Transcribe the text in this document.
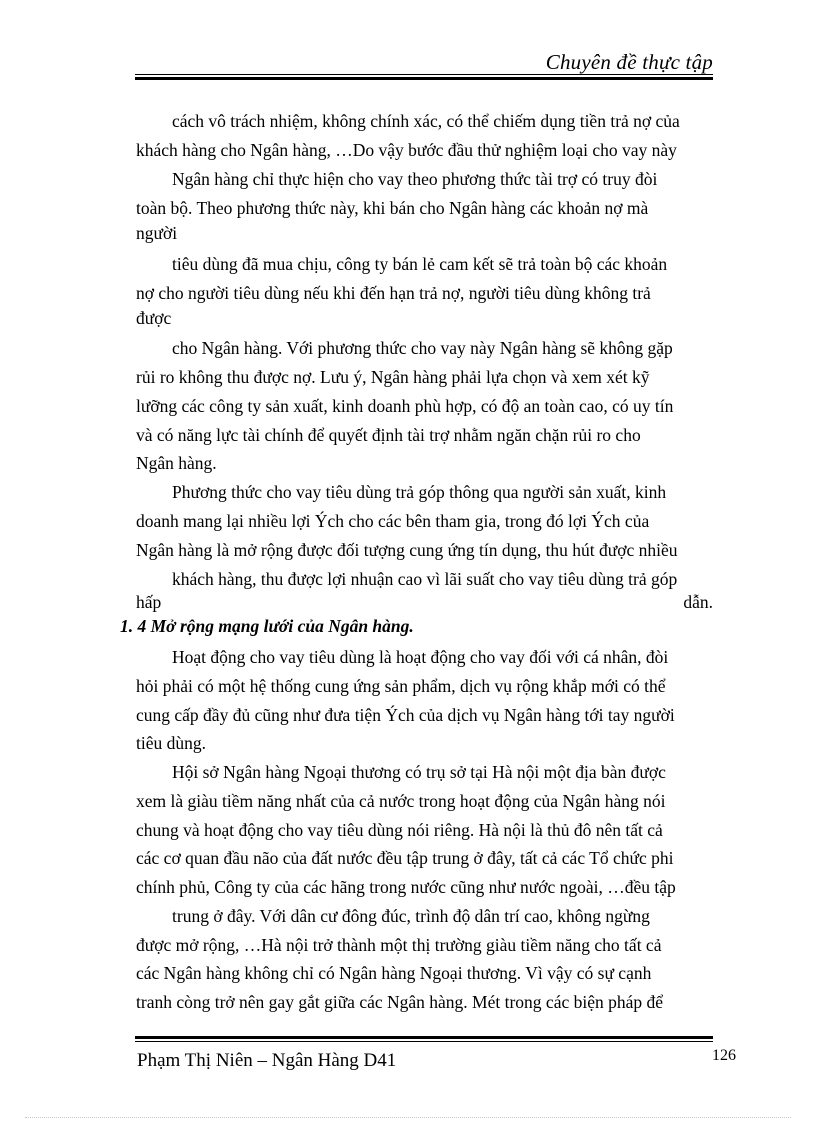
Chuyên đề thực tập
cách vô trách nhiệm, không chính xác, có thể chiếm dụng tiền trả nợ của
khách hàng cho Ngân hàng, …Do vậy bước đầu thử nghiệm loại cho vay này
Ngân hàng chỉ thực hiện cho vay theo phương thức tài trợ có truy đòi
toàn bộ. Theo phương thức này, khi bán cho Ngân hàng các khoản nợ mà
người
tiêu dùng đã mua chịu, công ty bán lẻ cam kết sẽ trả toàn bộ các khoản
nợ cho người tiêu dùng nếu khi đến hạn trả nợ, người tiêu dùng không trả
được
cho Ngân hàng. Với phương thức cho vay này Ngân hàng sẽ không gặp
rủi ro không thu được nợ. Lưu ý, Ngân hàng phải lựa chọn và xem xét kỹ
lưỡng các công ty sản xuất, kinh doanh phù hợp, có độ an toàn cao, có uy tín
và có năng lực tài chính để quyết định tài trợ nhằm ngăn chặn rủi ro cho
Ngân hàng.
Phương thức cho vay tiêu dùng trả góp thông qua người sản xuất, kinh
doanh mang lại nhiều lợi Ých cho các bên tham gia, trong đó lợi Ých của
Ngân hàng là mở rộng được đối tượng cung ứng tín dụng, thu hút được nhiều
khách hàng, thu được lợi nhuận cao vì lãi suất cho vay tiêu dùng trả góp
hấp dẫn.
1. 4 Mở rộng mạng lưới của Ngân hàng.
Hoạt động cho vay tiêu dùng là hoạt động cho vay đối với cá nhân, đòi
hỏi phải có một hệ thống cung ứng sản phẩm, dịch vụ rộng khắp mới có thể
cung cấp đầy đủ cũng như đưa tiện Ých của dịch vụ Ngân hàng tới tay người
tiêu dùng.
Hội sở Ngân hàng Ngoại thương có trụ sở tại Hà nội một địa bàn được
xem là giàu tiềm năng nhất của cả nước trong hoạt động của Ngân hàng nói
chung và hoạt động cho vay tiêu dùng nói riêng. Hà nội là thủ đô nên tất cả
các cơ quan đầu não của đất nước đều tập trung ở đây, tất cả các Tổ chức phi
chính phủ, Công ty của các hãng trong nước cũng như nước ngoài, …đều tập
trung ở đây. Với dân cư đông đúc, trình độ dân trí cao, không ngừng
được mở rộng, …Hà nội trở thành một thị trường giàu tiềm năng cho tất cả
các Ngân hàng không chỉ có Ngân hàng Ngoại thương. Vì vậy có sự cạnh
tranh còng trở nên gay gắt giữa các Ngân hàng. Mét trong các biện pháp để
Phạm Thị Niên – Ngân Hàng D41	126
